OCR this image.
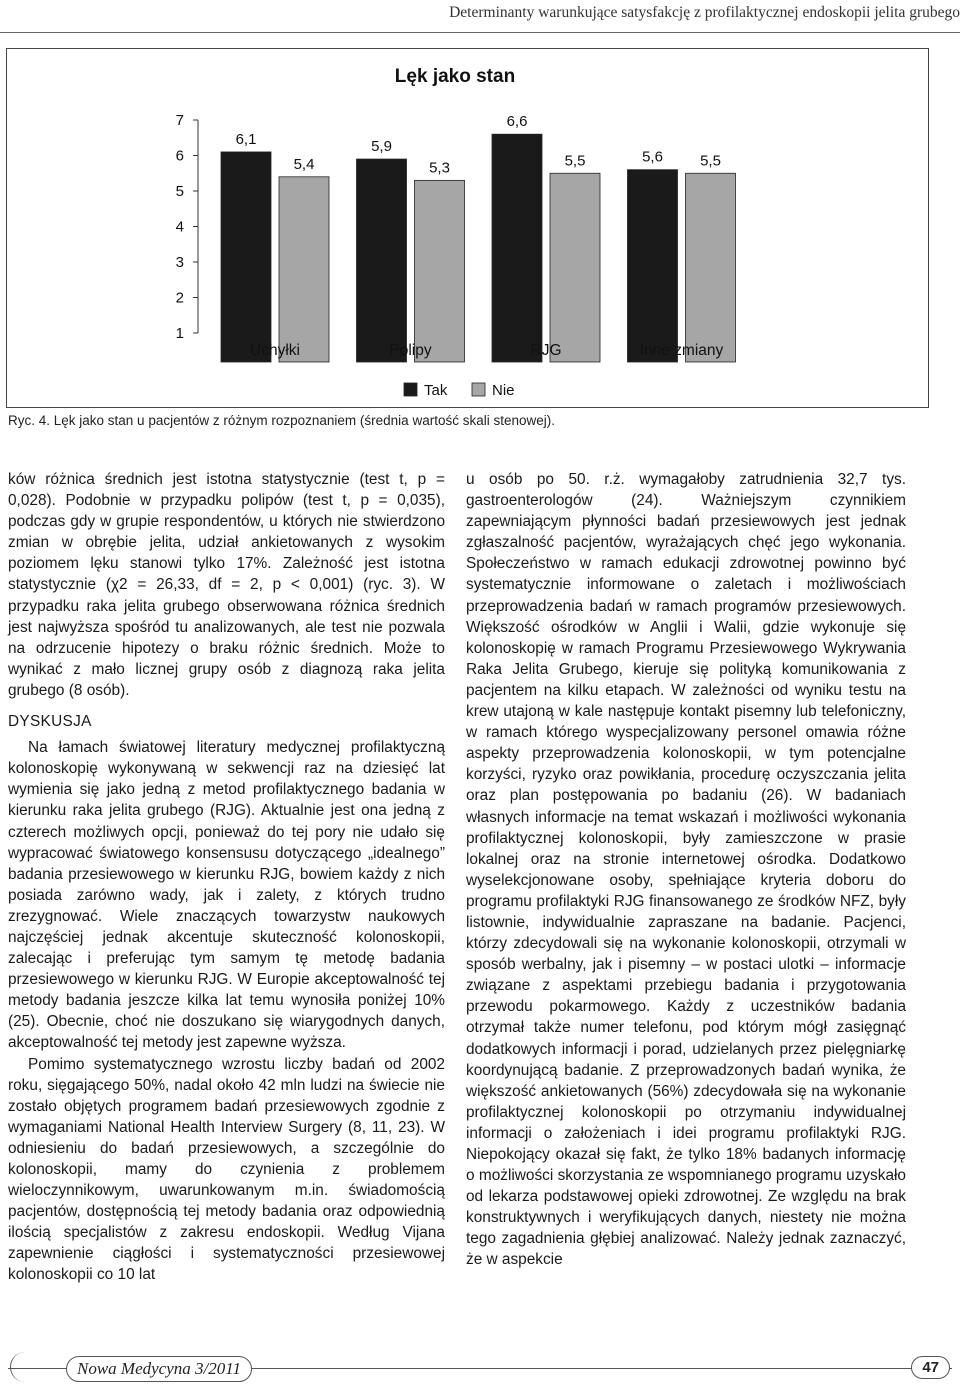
Determinanty warunkujące satysfakcję z profilaktycznej endoskopii jelita grubego
Lęk jako stan
1
2
3
4
5
6
7
6,1
5,4
5,9
5,3
6,6
5,5	5,6 5,5
Uchyłki	Polipy	RJG	Inne zmiany
Tak	Nie
Ryc. 4. Lęk jako stan u pacjentów z różnym rozpoznaniem (średnia wartość skali stenowej).

ków różnica średnich jest istotna statystycznie (test t, p = 0,028). Podobnie w przypadku polipów (test t, p = 0,035), podczas gdy w grupie respondentów, u których nie stwierdzono zmian w obrębie jelita, udział ankietowanych z wysokim poziomem lęku stanowi tylko 17%. Zależność jest istotna statystycznie (χ2 = 26,33, df = 2, p < 0,001) (ryc. 3). W przypadku raka jelita grubego obserwowana różnica średnich jest najwyższa spośród tu analizowanych, ale test nie pozwala na odrzucenie hipotezy o braku różnic średnich. Może to wynikać z mało licznej grupy osób z diagnozą raka jelita grubego (8 osób).

DYSKUSJA

Na łamach światowej literatury medycznej profilaktyczną kolonoskopię wykonywaną w sekwencji raz na dziesięć lat wymienia się jako jedną z metod profilaktycznego badania w kierunku raka jelita grubego (RJG). Aktualnie jest ona jedną z czterech możliwych opcji, ponieważ do tej pory nie udało się wypracować światowego konsensusu dotyczącego „idealnego” badania przesiewowego w kierunku RJG, bowiem każdy z nich posiada zarówno wady, jak i zalety, z których trudno zrezygnować. Wiele znaczących towarzystw naukowych najczęściej jednak akcentuje skuteczność kolonoskopii, zalecając i preferując tym samym tę metodę badania przesiewowego w kierunku RJG. W Europie akceptowalność tej metody badania jeszcze kilka lat temu wynosiła poniżej 10% (25). Obecnie, choć nie doszukano się wiarygodnych danych, akceptowalność tej metody jest zapewne wyższa.

Pomimo systematycznego wzrostu liczby badań od 2002 roku, sięgającego 50%, nadal około 42 mln ludzi na świecie nie zostało objętych programem badań przesiewowych zgodnie z wymaganiami National Health Interview Surgery (8, 11, 23). W odniesieniu do badań przesiewowych, a szczególnie do kolonoskopii, mamy do czynienia z problemem wieloczynnikowym, uwarunkowanym m.in. świadomością pacjentów, dostępnością tej metody badania oraz odpowiednią ilością specjalistów z zakresu endoskopii. Według Vijana zapewnienie ciągłości i systematyczności przesiewowej kolonoskopii co 10 lat

u osób po 50. r.ż. wymagałoby zatrudnienia 32,7 tys. gastroenterologów (24). Ważniejszym czynnikiem zapewniającym płynności badań przesiewowych jest jednak zgłaszalność pacjentów, wyrażających chęć jego wykonania. Społeczeństwo w ramach edukacji zdrowotnej powinno być systematycznie informowane o zaletach i możliwościach przeprowadzenia badań w ramach programów przesiewowych. Większość ośrodków w Anglii i Walii, gdzie wykonuje się kolonoskopię w ramach Programu Przesiewowego Wykrywania Raka Jelita Grubego, kieruje się polityką komunikowania z pacjentem na kilku etapach. W zależności od wyniku testu na krew utajoną w kale następuje kontakt pisemny lub telefoniczny, w ramach którego wyspecjalizowany personel omawia różne aspekty przeprowadzenia kolonoskopii, w tym potencjalne korzyści, ryzyko oraz powikłania, procedurę oczyszczania jelita oraz plan postępowania po badaniu (26). W badaniach własnych informacje na temat wskazań i możliwości wykonania profilaktycznej kolonoskopii, były zamieszczone w prasie lokalnej oraz na stronie internetowej ośrodka. Dodatkowo wyselekcjonowane osoby, spełniające kryteria doboru do programu profilaktyki RJG finansowanego ze środków NFZ, były listownie, indywidualnie zapraszane na badanie. Pacjenci, którzy zdecydowali się na wykonanie kolonoskopii, otrzymali w sposób werbalny, jak i pisemny – w postaci ulotki – informacje związane z aspektami przebiegu badania i przygotowania przewodu pokarmowego. Każdy z uczestników badania otrzymał także numer telefonu, pod którym mógł zasięgnąć dodatkowych informacji i porad, udzielanych przez pielęgniarkę koordynującą badanie. Z przeprowadzonych badań wynika, że większość ankietowanych (56%) zdecydowała się na wykonanie profilaktycznej kolonoskopii po otrzymaniu indywidualnej informacji o założeniach i idei programu profilaktyki RJG. Niepokojący okazał się fakt, że tylko 18% badanych informację o możliwości skorzystania ze wspomnianego programu uzyskało od lekarza podstawowej opieki zdrowotnej. Ze względu na brak konstruktywnych i weryfikujących danych, niestety nie można tego zagadnienia głębiej analizować. Należy jednak zaznaczyć, że w aspekcie

Nowa Medycyna 3/2011	47
